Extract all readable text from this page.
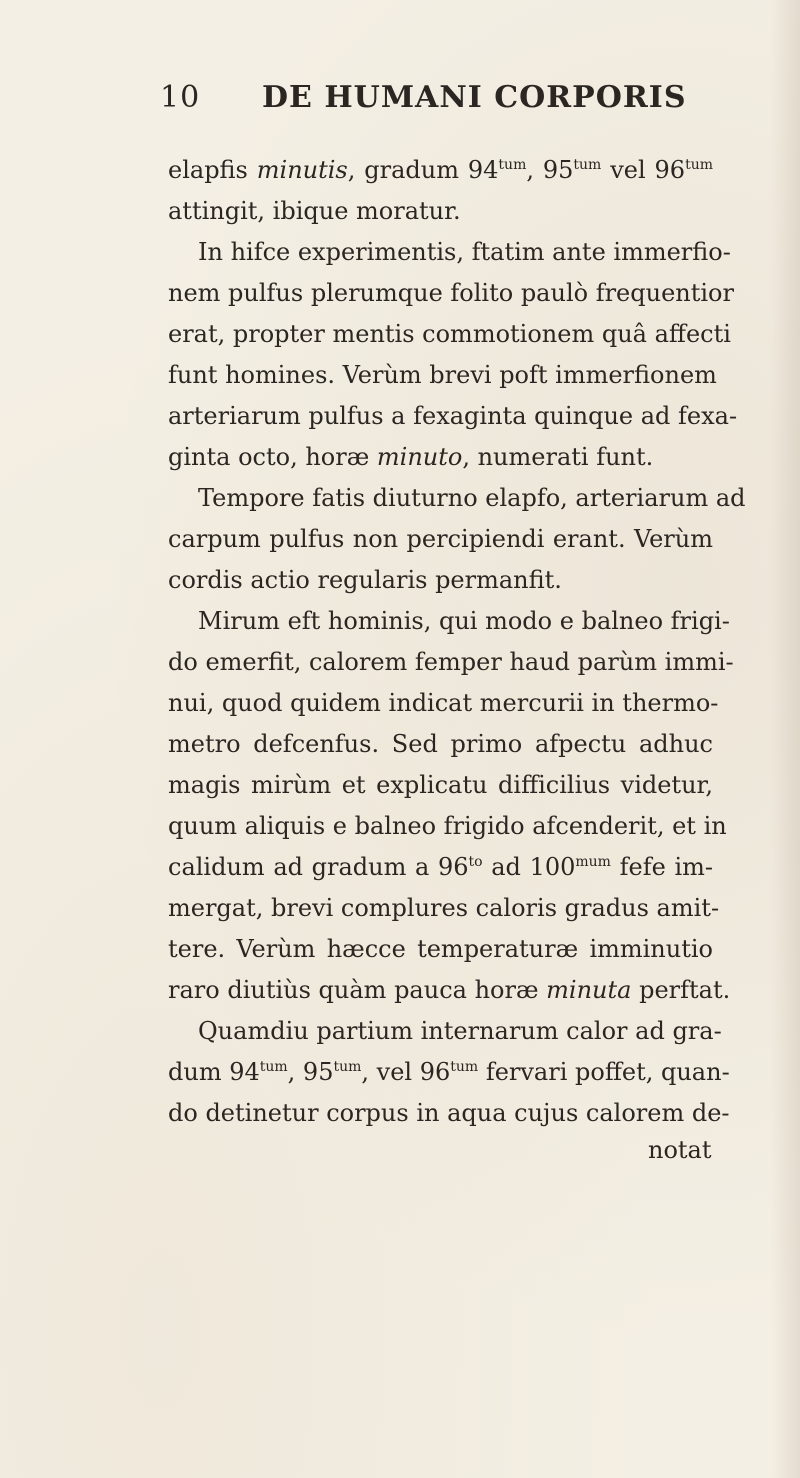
10 DE HUMANI CORPORIS
elapfis minutis, gradum $94^{tum}$, $95^{tum}$ vel $96^{tum}$
attingit, ibique moratur.
In hifce experimentis, ftatim ante immerfio-
nem pulfus plerumque folito paulò frequentior
erat, propter mentis commotionem quâ affecti
funt homines. Verùm brevi poft immerfionem
arteriarum pulfus a fexaginta quinque ad fexa-
ginta octo, horæ minuto, numerati funt.
Tempore fatis diuturno elapfo, arteriarum ad
carpum pulfus non percipiendi erant. Verùm
cordis actio regularis permanfit.
Mirum eft hominis, qui modo e balneo frigi-
do emerfit, calorem femper haud parùm immi-
nui, quod quidem indicat mercurii in thermo-
metro defcenfus. Sed primo afpectu adhuc
magis mirùm et explicatu difficilius videtur,
quum aliquis e balneo frigido afcenderit, et in
calidum ad gradum a $96^{to}$ ad $100^{mum}$ fefe im-
mergat, brevi complures caloris gradus amit-
tere. Verùm hæcce temperaturæ imminutio
raro diutiùs quàm pauca horæ minuta perftat.
Quamdiu partium internarum calor ad gra-
dum $94^{tum}$, $95^{tum}$, vel $96^{tum}$ fervari poffet, quan-
do detinetur corpus in aqua cujus calorem de-
notat
